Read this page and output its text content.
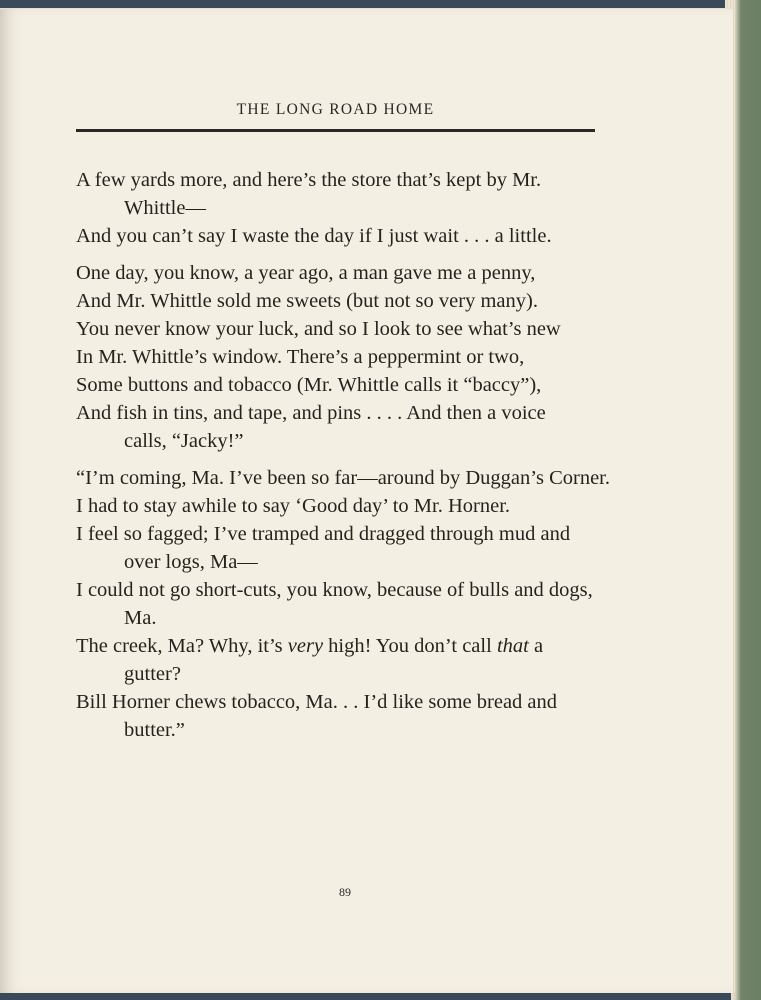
THE LONG ROAD HOME
A few yards more, and here’s the store that’s kept by Mr.
Whittle—
And you can’t say I waste the day if I just wait . . . a little.
One day, you know, a year ago, a man gave me a penny,
And Mr. Whittle sold me sweets (but not so very many).
You never know your luck, and so I look to see what’s new
In Mr. Whittle’s window. There’s a peppermint or two,
Some buttons and tobacco (Mr. Whittle calls it “baccy”),
And fish in tins, and tape, and pins . . . . And then a voice
calls, “Jacky!”
“I’m coming, Ma. I’ve been so far—around by Duggan’s Corner.
I had to stay awhile to say ‘Good day’ to Mr. Horner.
I feel so fagged; I’ve tramped and dragged through mud and
over logs, Ma—
I could not go short-cuts, you know, because of bulls and dogs,
Ma.
The creek, Ma? Why, it’s very high! You don’t call that a
gutter?
Bill Horner chews tobacco, Ma. . . I’d like some bread and
butter.”
89
